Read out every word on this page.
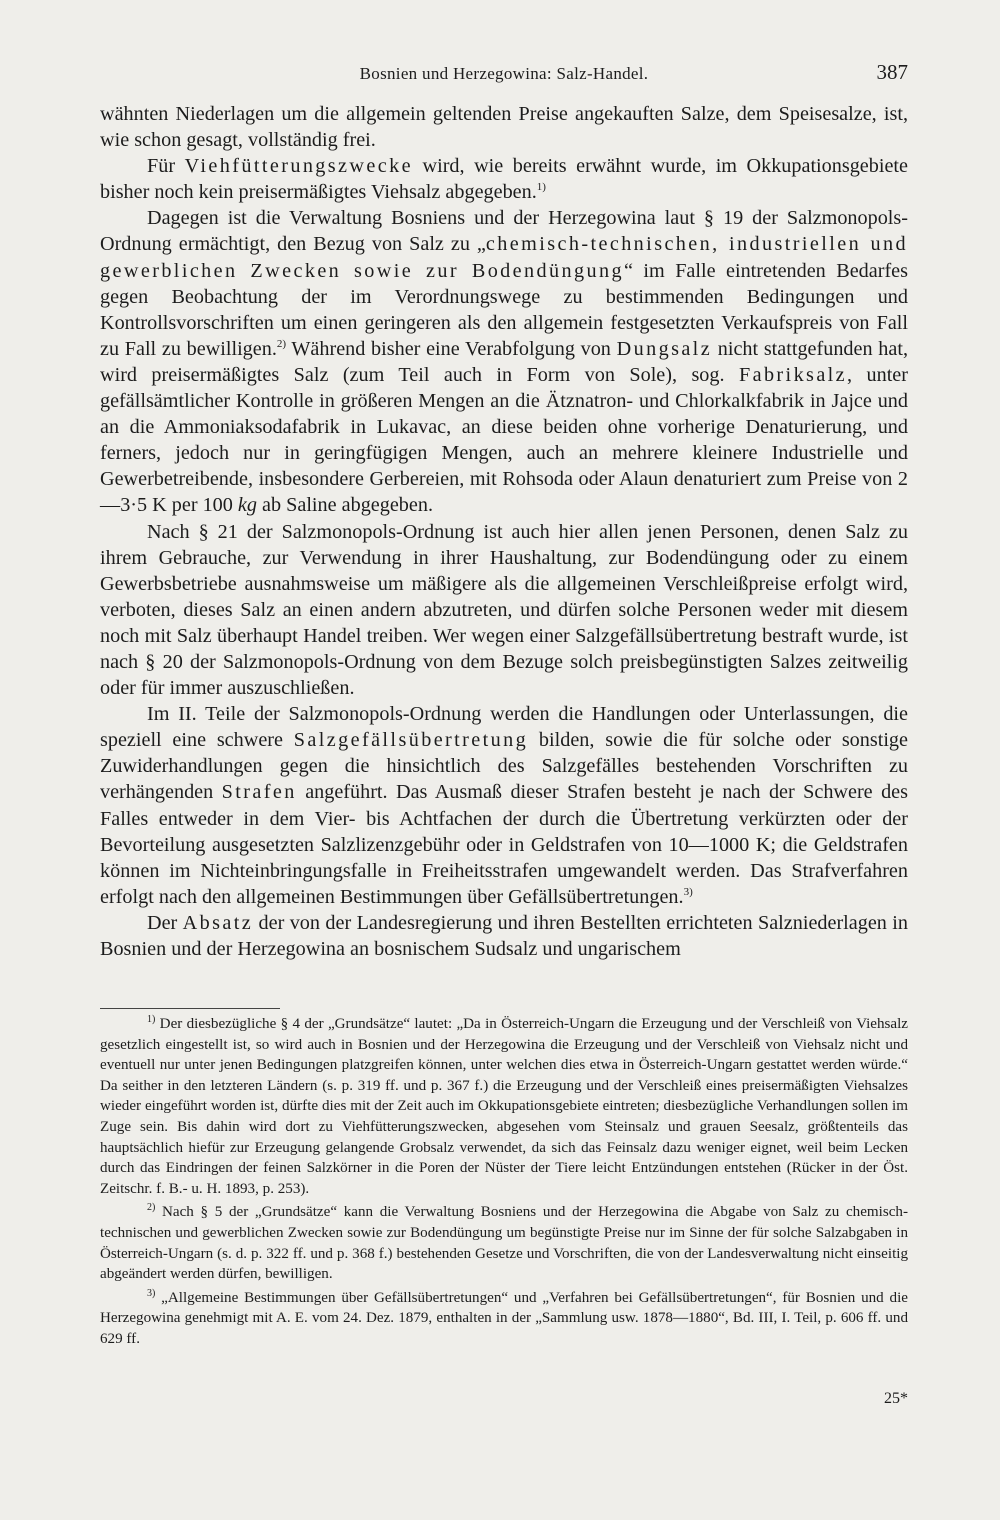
Bosnien und Herzegowina: Salz-Handel.	387

wähnten Niederlagen um die allgemein geltenden Preise angekauften Salze, dem Speisesalze, ist, wie schon gesagt, vollständig frei.

Für Viehfütterungszwecke wird, wie bereits erwähnt wurde, im Okkupationsgebiete bisher noch kein preisermäßigtes Viehsalz abgegeben.$^{1)}$

Dagegen ist die Verwaltung Bosniens und der Herzegowina laut § 19 der Salzmonopols-Ordnung ermächtigt, den Bezug von Salz zu „chemisch-technischen, industriellen und gewerblichen Zwecken sowie zur Bodendüngung“ im Falle eintretenden Bedarfes gegen Beobachtung der im Verordnungswege zu bestimmenden Bedingungen und Kontrollsvorschriften um einen geringeren als den allgemein festgesetzten Verkaufspreis von Fall zu Fall zu bewilligen.$^{2)}$ Während bisher eine Verabfolgung von Dungsalz nicht stattgefunden hat, wird preisermäßigtes Salz (zum Teil auch in Form von Sole), sog. Fabriksalz, unter gefällsämtlicher Kontrolle in größeren Mengen an die Ätznatron- und Chlorkalkfabrik in Jajce und an die Ammoniaksodafabrik in Lukavac, an diese beiden ohne vorherige Denaturierung, und ferners, jedoch nur in geringfügigen Mengen, auch an mehrere kleinere Industrielle und Gewerbetreibende, insbesondere Gerbereien, mit Rohsoda oder Alaun denaturiert zum Preise von 2—3·5 K per 100 kg ab Saline abgegeben.

Nach § 21 der Salzmonopols-Ordnung ist auch hier allen jenen Personen, denen Salz zu ihrem Gebrauche, zur Verwendung in ihrer Haushaltung, zur Bodendüngung oder zu einem Gewerbsbetriebe ausnahmsweise um mäßigere als die allgemeinen Verschleißpreise erfolgt wird, verboten, dieses Salz an einen andern abzutreten, und dürfen solche Personen weder mit diesem noch mit Salz überhaupt Handel treiben. Wer wegen einer Salzgefällsübertretung bestraft wurde, ist nach § 20 der Salzmonopols-Ordnung von dem Bezuge solch preisbegünstigten Salzes zeitweilig oder für immer auszuschließen.

Im II. Teile der Salzmonopols-Ordnung werden die Handlungen oder Unterlassungen, die speziell eine schwere Salzgefällsübertretung bilden, sowie die für solche oder sonstige Zuwiderhandlungen gegen die hinsichtlich des Salzgefälles bestehenden Vorschriften zu verhängenden Strafen angeführt. Das Ausmaß dieser Strafen besteht je nach der Schwere des Falles entweder in dem Vier- bis Achtfachen der durch die Übertretung verkürzten oder der Bevorteilung ausgesetzten Salzlizenzgebühr oder in Geldstrafen von 10—1000 K; die Geldstrafen können im Nichteinbringungsfalle in Freiheitsstrafen umgewandelt werden. Das Strafverfahren erfolgt nach den allgemeinen Bestimmungen über Gefällsübertretungen.$^{3)}$

Der Absatz der von der Landesregierung und ihren Bestellten errichteten Salzniederlagen in Bosnien und der Herzegowina an bosnischem Sudsalz und ungarischem

$^{1)}$ Der diesbezügliche § 4 der „Grundsätze“ lautet: „Da in Österreich-Ungarn die Erzeugung und der Verschleiß von Viehsalz gesetzlich eingestellt ist, so wird auch in Bosnien und der Herzegowina die Erzeugung und der Verschleiß von Viehsalz nicht und eventuell nur unter jenen Bedingungen platzgreifen können, unter welchen dies etwa in Österreich-Ungarn gestattet werden würde.“ Da seither in den letzteren Ländern (s. p. 319 ff. und p. 367 f.) die Erzeugung und der Verschleiß eines preisermäßigten Viehsalzes wieder eingeführt worden ist, dürfte dies mit der Zeit auch im Okkupationsgebiete eintreten; diesbezügliche Verhandlungen sollen im Zuge sein. Bis dahin wird dort zu Viehfütterungszwecken, abgesehen vom Steinsalz und grauen Seesalz, größtenteils das hauptsächlich hiefür zur Erzeugung gelangende Grobsalz verwendet, da sich das Feinsalz dazu weniger eignet, weil beim Lecken durch das Eindringen der feinen Salzkörner in die Poren der Nüster der Tiere leicht Entzündungen entstehen (Rücker in der Öst. Zeitschr. f. B.- u. H. 1893, p. 253).

$^{2)}$ Nach § 5 der „Grundsätze“ kann die Verwaltung Bosniens und der Herzegowina die Abgabe von Salz zu chemisch-technischen und gewerblichen Zwecken sowie zur Bodendüngung um begünstigte Preise nur im Sinne der für solche Salzabgaben in Österreich-Ungarn (s. d. p. 322 ff. und p. 368 f.) bestehenden Gesetze und Vorschriften, die von der Landesverwaltung nicht einseitig abgeändert werden dürfen, bewilligen.

$^{3)}$ „Allgemeine Bestimmungen über Gefällsübertretungen“ und „Verfahren bei Gefällsübertretungen“, für Bosnien und die Herzegowina genehmigt mit A. E. vom 24. Dez. 1879, enthalten in der „Sammlung usw. 1878—1880“, Bd. III, I. Teil, p. 606 ff. und 629 ff.

25*
